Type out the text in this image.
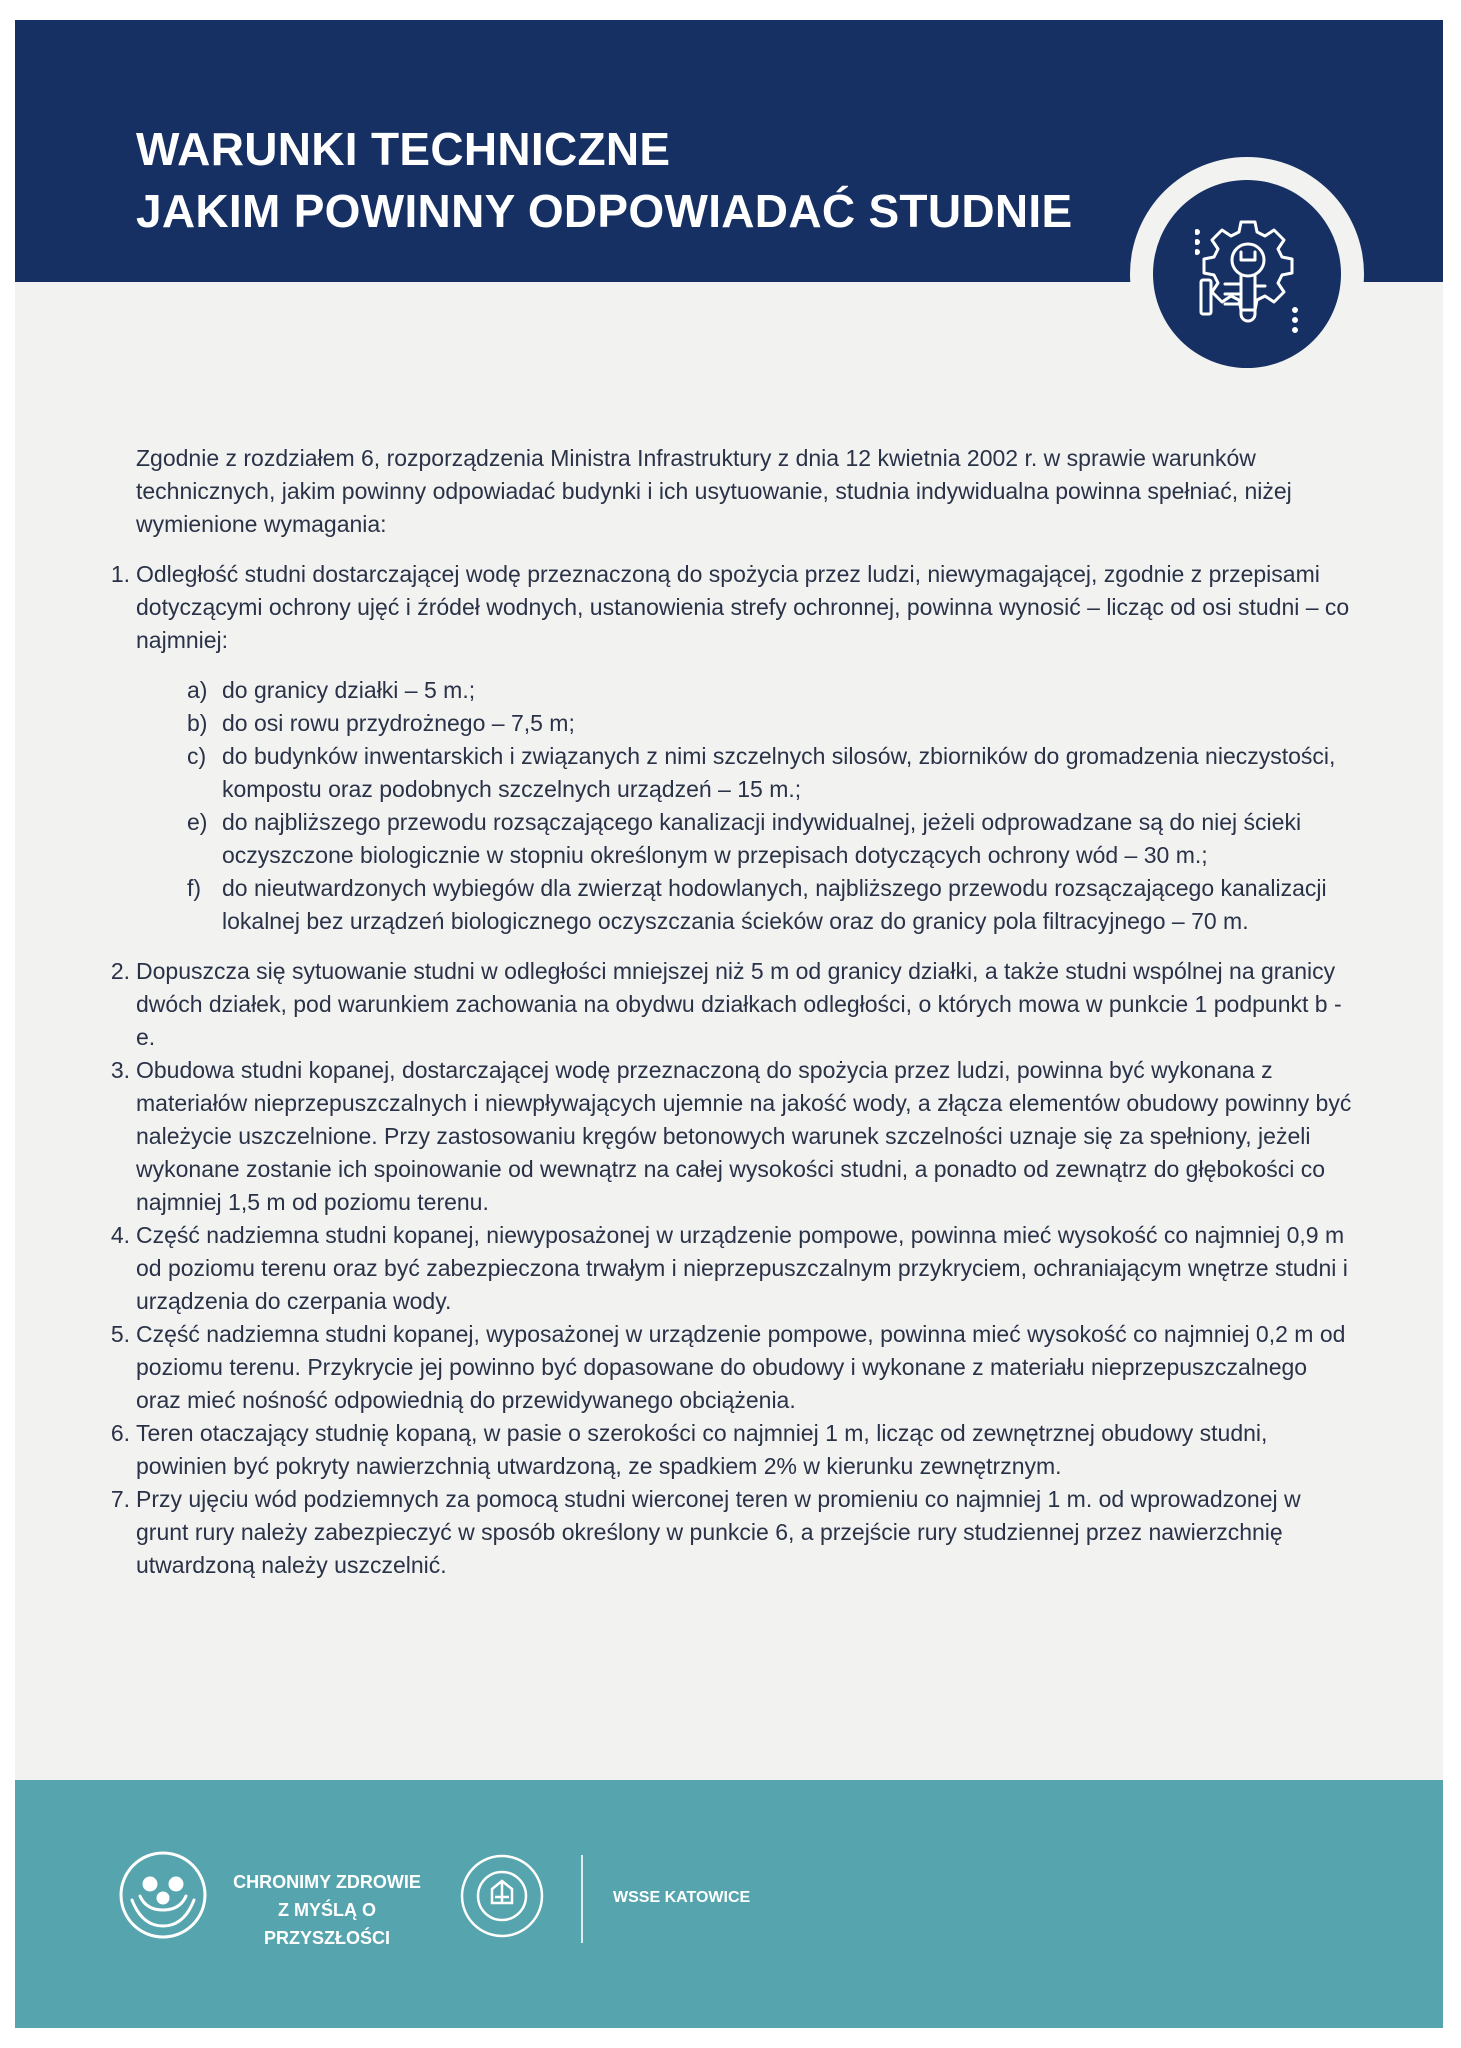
WARUNKI TECHNICZNE
JAKIM POWINNY ODPOWIADAĆ STUDNIE

Zgodnie z rozdziałem 6, rozporządzenia Ministra Infrastruktury z dnia 12 kwietnia 2002 r. w sprawie warunków technicznych, jakim powinny odpowiadać budynki i ich usytuowanie, studnia indywidualna powinna spełniać, niżej wymienione wymagania:

1. Odległość studni dostarczającej wodę przeznaczoną do spożycia przez ludzi, niewymagającej, zgodnie z przepisami dotyczącymi ochrony ujęć i źródeł wodnych, ustanowienia strefy ochronnej, powinna wynosić – licząc od osi studni – co najmniej:
a) do granicy działki – 5 m.;
b) do osi rowu przydrożnego – 7,5 m;
c) do budynków inwentarskich i związanych z nimi szczelnych silosów, zbiorników do gromadzenia nieczystości, kompostu oraz podobnych szczelnych urządzeń – 15 m.;
e) do najbliższego przewodu rozsączającego kanalizacji indywidualnej, jeżeli odprowadzane są do niej ścieki oczyszczone biologicznie w stopniu określonym w przepisach dotyczących ochrony wód – 30 m.;
f) do nieutwardzonych wybiegów dla zwierząt hodowlanych, najbliższego przewodu rozsączającego kanalizacji lokalnej bez urządzeń biologicznego oczyszczania ścieków oraz do granicy pola filtracyjnego – 70 m.
2. Dopuszcza się sytuowanie studni w odległości mniejszej niż 5 m od granicy działki, a także studni wspólnej na granicy dwóch działek, pod warunkiem zachowania na obydwu działkach odległości, o których mowa w punkcie 1 podpunkt b - e.
3. Obudowa studni kopanej, dostarczającej wodę przeznaczoną do spożycia przez ludzi, powinna być wykonana z materiałów nieprzepuszczalnych i niewpływających ujemnie na jakość wody, a złącza elementów obudowy powinny być należycie uszczelnione. Przy zastosowaniu kręgów betonowych warunek szczelności uznaje się za spełniony, jeżeli wykonane zostanie ich spoinowanie od wewnątrz na całej wysokości studni, a ponadto od zewnątrz do głębokości co najmniej 1,5 m od poziomu terenu.
4. Część nadziemna studni kopanej, niewyposażonej w urządzenie pompowe, powinna mieć wysokość co najmniej 0,9 m od poziomu terenu oraz być zabezpieczona trwałym i nieprzepuszczalnym przykryciem, ochraniającym wnętrze studni i urządzenia do czerpania wody.
5. Część nadziemna studni kopanej, wyposażonej w urządzenie pompowe, powinna mieć wysokość co najmniej 0,2 m od poziomu terenu. Przykrycie jej powinno być dopasowane do obudowy i wykonane z materiału nieprzepuszczalnego oraz mieć nośność odpowiednią do przewidywanego obciążenia.
6. Teren otaczający studnię kopaną, w pasie o szerokości co najmniej 1 m, licząc od zewnętrznej obudowy studni, powinien być pokryty nawierzchnią utwardzoną, ze spadkiem 2% w kierunku zewnętrznym.
7. Przy ujęciu wód podziemnych za pomocą studni wierconej teren w promieniu co najmniej 1 m. od wprowadzonej w grunt rury należy zabezpieczyć w sposób określony w punkcie 6, a przejście rury studziennej przez nawierzchnię utwardzoną należy uszczelnić.
CHRONIMY ZDROWIE
Z MYŚLĄ O PRZYSZŁOŚCI
WSSE KATOWICE
